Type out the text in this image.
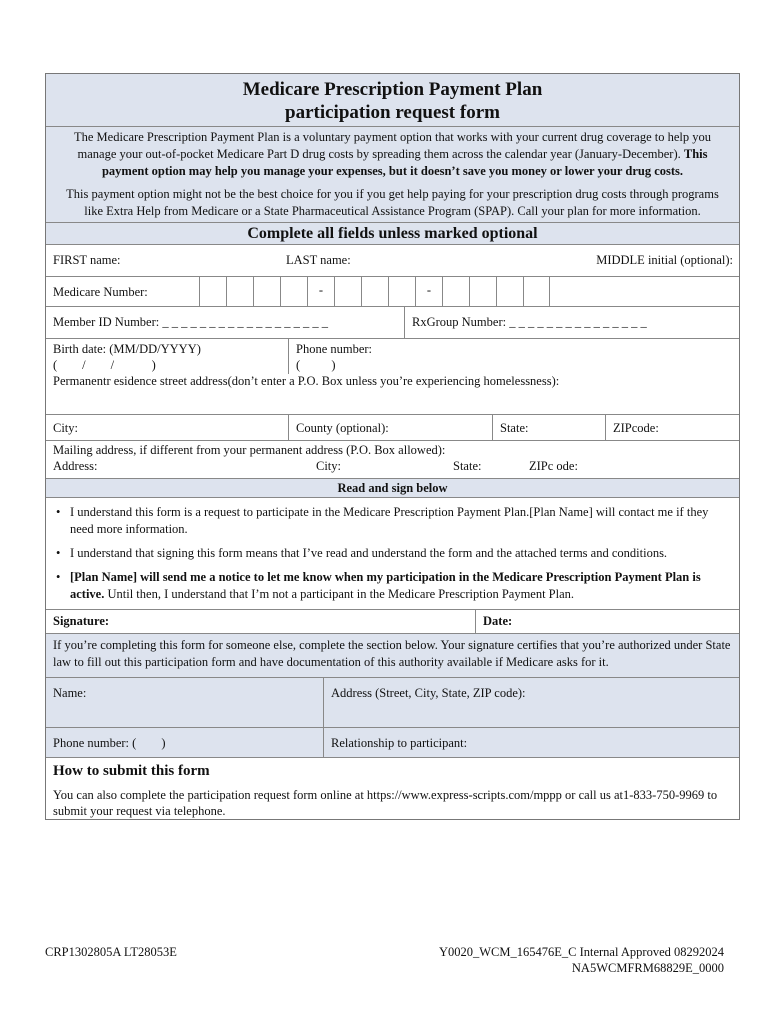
Medicare Prescription Payment Plan
participation request form

The Medicare Prescription Payment Plan is a voluntary payment option that works with your current drug coverage to help you manage your out-of-pocket Medicare Part D drug costs by spreading them across the calendar year (January-December). This payment option may help you manage your expenses, but it doesn’t save you money or lower your drug costs.

This payment option might not be the best choice for you if you get help paying for your prescription drug costs through programs like Extra Help from Medicare or a State Pharmaceutical Assistance Program (SPAP). Call your plan for more information.

Complete all fields unless marked optional
FIRST name:	LAST name:	MIDDLE initial (optional):
Medicare Number:	-	-
Member ID Number: _ _ _ _ _ _ _ _ _ _ _ _ _ _ _ _ _ _	RxGroup Number: _ _ _ _ _ _ _ _ _ _ _ _ _ _ _
Birth date: (MM/DD/YYYY)
(        /        /            )
Phone number:
(          )
Permanentr esidence street address(don’t enter a P.O. Box unless you’re experiencing homelessness):
City:	County (optional):	State:	ZIPcode:
Mailing address, if different from your permanent address (P.O. Box allowed):
Address:	City:	State:	ZIPc ode:
Read and sign below
• I understand this form is a request to participate in the Medicare Prescription Payment Plan.[Plan Name] will contact me if they need more information.
• I understand that signing this form means that I’ve read and understand the form and the attached terms and conditions.
• [Plan Name] will send me a notice to let me know when my participation in the Medicare Prescription Payment Plan is active. Until then, I understand that I’m not a participant in the Medicare Prescription Payment Plan.
Signature:	Date:
If you’re completing this form for someone else, complete the section below. Your signature certifies that you’re authorized under State law to fill out this participation form and have documentation of this authority available if Medicare asks for it.
Name:	Address (Street, City, State, ZIP code):
Phone number: (        )	Relationship to participant:
How to submit this form
You can also complete the participation request form online at https://www.express-scripts.com/mppp or call us at1-833-750-9969 to submit your request via telephone.
CRP1302805A LT28053E	Y0020_WCM_165476E_C Internal Approved 08292024
NA5WCMFRM68829E_0000
